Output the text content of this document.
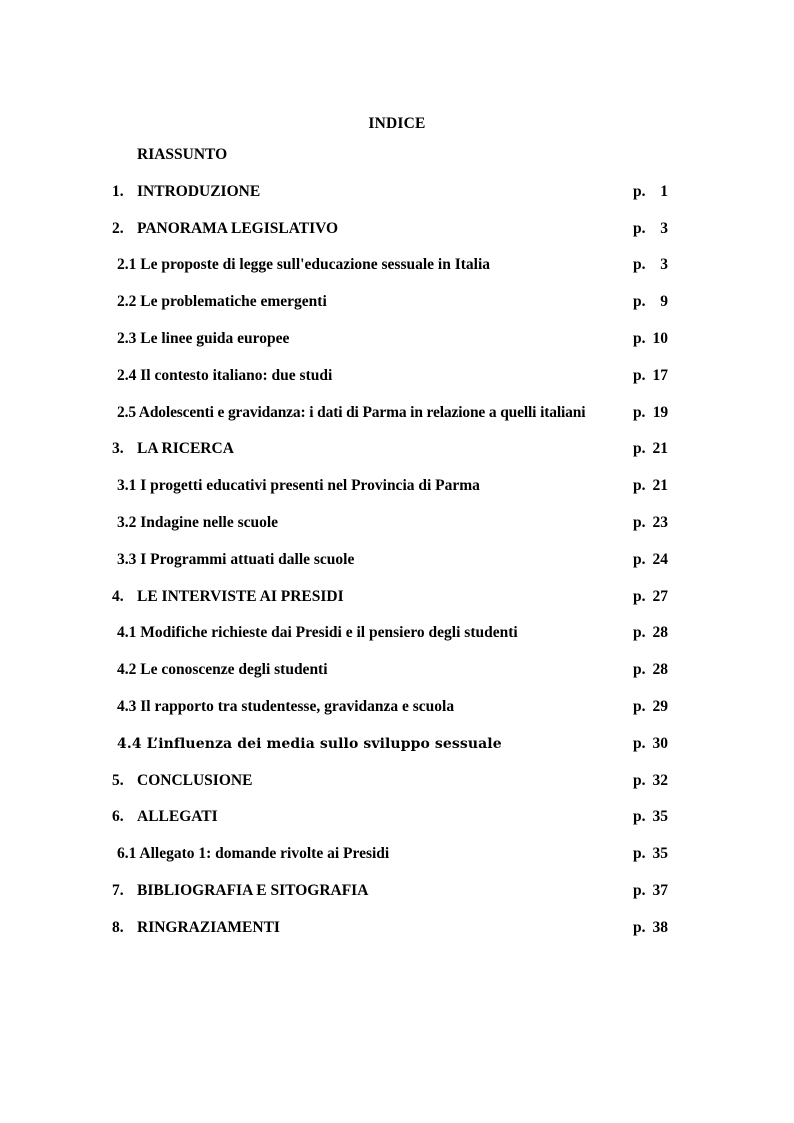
INDICE
RIASSUNTO
1. INTRODUZIONE	p. 1
2. PANORAMA LEGISLATIVO	p. 3
2.1 Le proposte di legge sull'educazione sessuale in Italia	p. 3
2.2 Le problematiche emergenti	p. 9
2.3 Le linee guida europee	p. 10
2.4 Il contesto italiano: due studi	p. 17
2.5 Adolescenti e gravidanza: i dati di Parma in relazione a quelli italiani	p. 19
3. LA RICERCA	p. 21
3.1 I progetti educativi presenti nel Provincia di Parma	p. 21
3.2 Indagine nelle scuole	p. 23
3.3 I Programmi attuati dalle scuole	p. 24
4. LE INTERVISTE AI PRESIDI	p. 27
4.1 Modifiche richieste dai Presidi e il pensiero degli studenti	p. 28
4.2 Le conoscenze degli studenti	p. 28
4.3 Il rapporto tra studentesse, gravidanza e scuola	p. 29
4.4 L’influenza dei media sullo sviluppo sessuale	p. 30
5. CONCLUSIONE	p. 32
6. ALLEGATI	p. 35
6.1 Allegato 1: domande rivolte ai Presidi	p. 35
7. BIBLIOGRAFIA E SITOGRAFIA	p. 37
8. RINGRAZIAMENTI	p. 38
